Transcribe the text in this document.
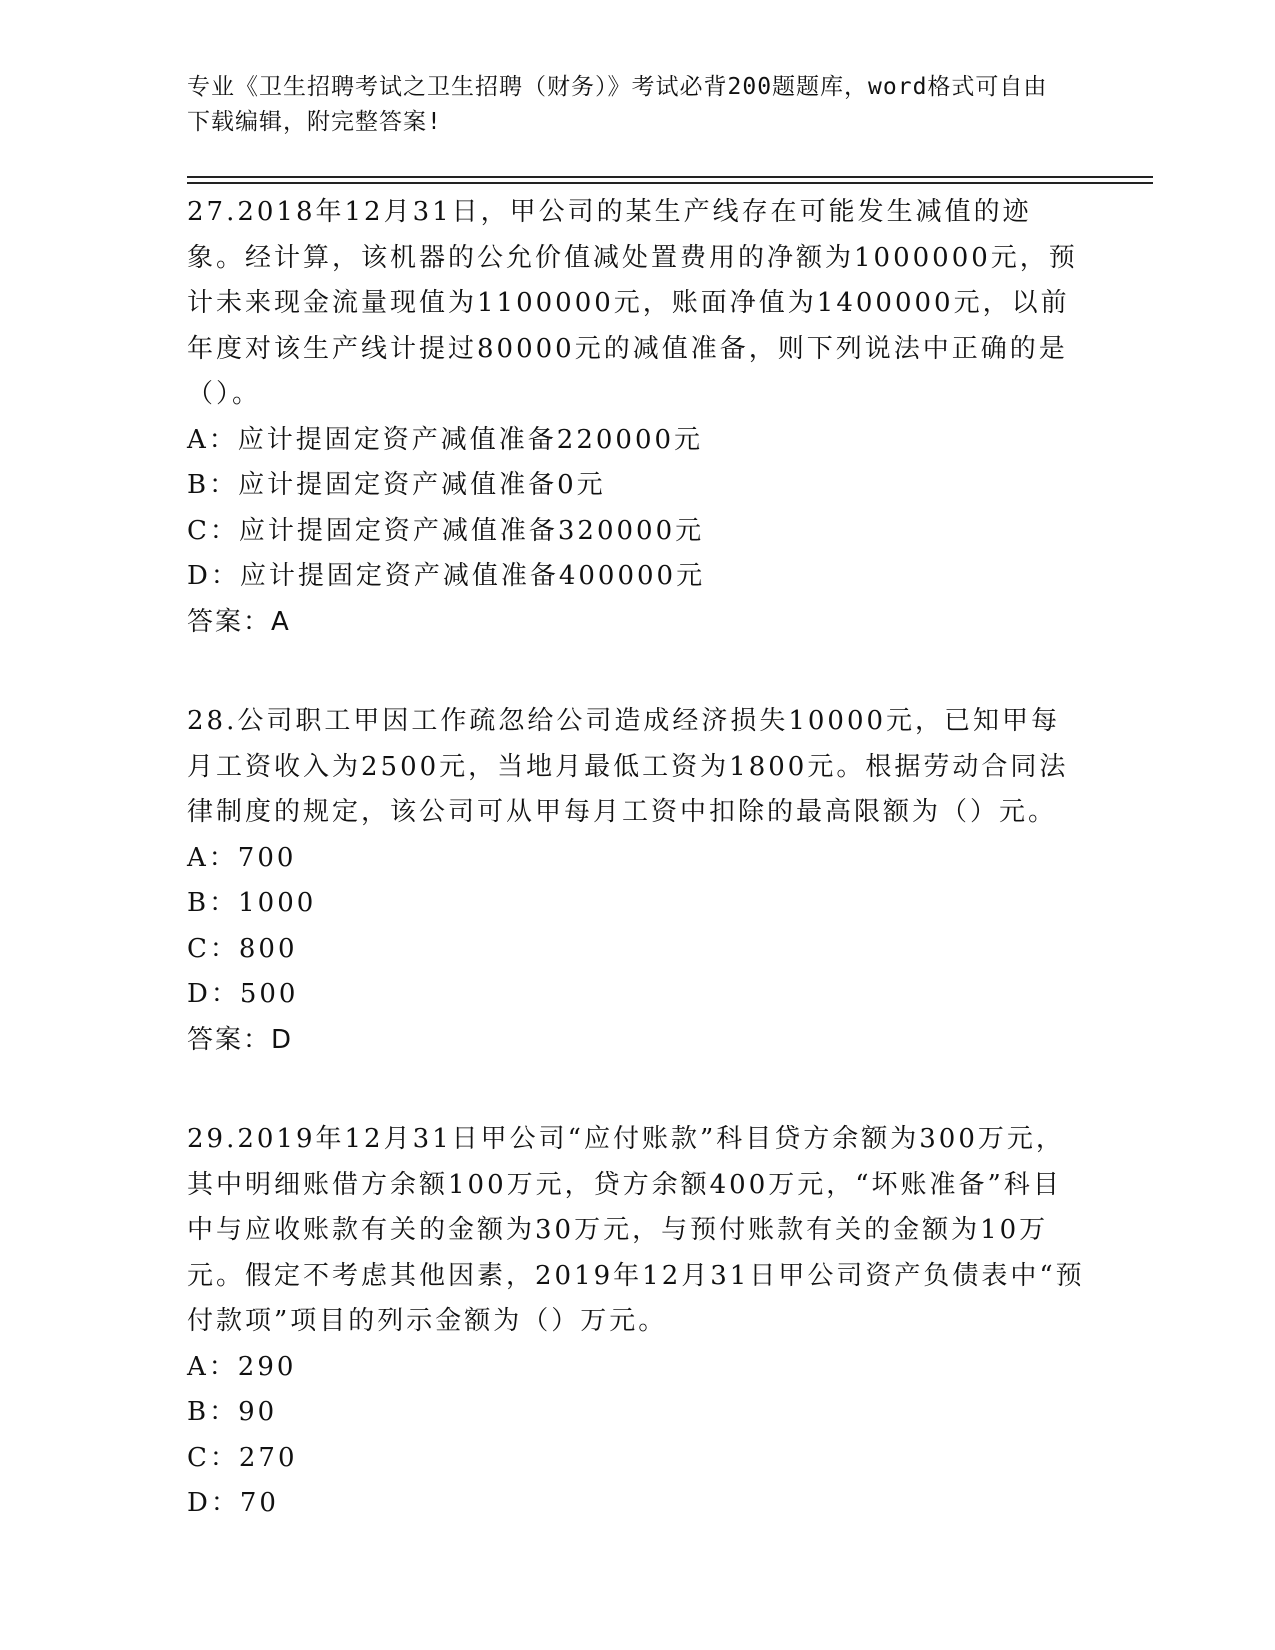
专业《卫生招聘考试之卫生招聘（财务）》考试必背200题题库，word格式可自由下载编辑，附完整答案!

27.2018年12月31日，甲公司的某生产线存在可能发生减值的迹象。经计算，该机器的公允价值减处置费用的净额为1000000元，预计未来现金流量现值为1100000元，账面净值为1400000元，以前年度对该生产线计提过80000元的减值准备，则下列说法中正确的是（）。

A：应计提固定资产减值准备220000元

B：应计提固定资产减值准备0元

C：应计提固定资产减值准备320000元

D：应计提固定资产减值准备400000元

答案：A

28.公司职工甲因工作疏忽给公司造成经济损失10000元，已知甲每月工资收入为2500元，当地月最低工资为1800元。根据劳动合同法律制度的规定，该公司可从甲每月工资中扣除的最高限额为（）元。

A：700

B：1000

C：800

D：500

答案：D

29.2019年12月31日甲公司“应付账款”科目贷方余额为300万元，其中明细账借方余额100万元，贷方余额400万元，“坏账准备”科目中与应收账款有关的金额为30万元，与预付账款有关的金额为10万元。假定不考虑其他因素，2019年12月31日甲公司资产负债表中“预付款项”项目的列示金额为（）万元。

A：290

B：90

C：270

D：70
